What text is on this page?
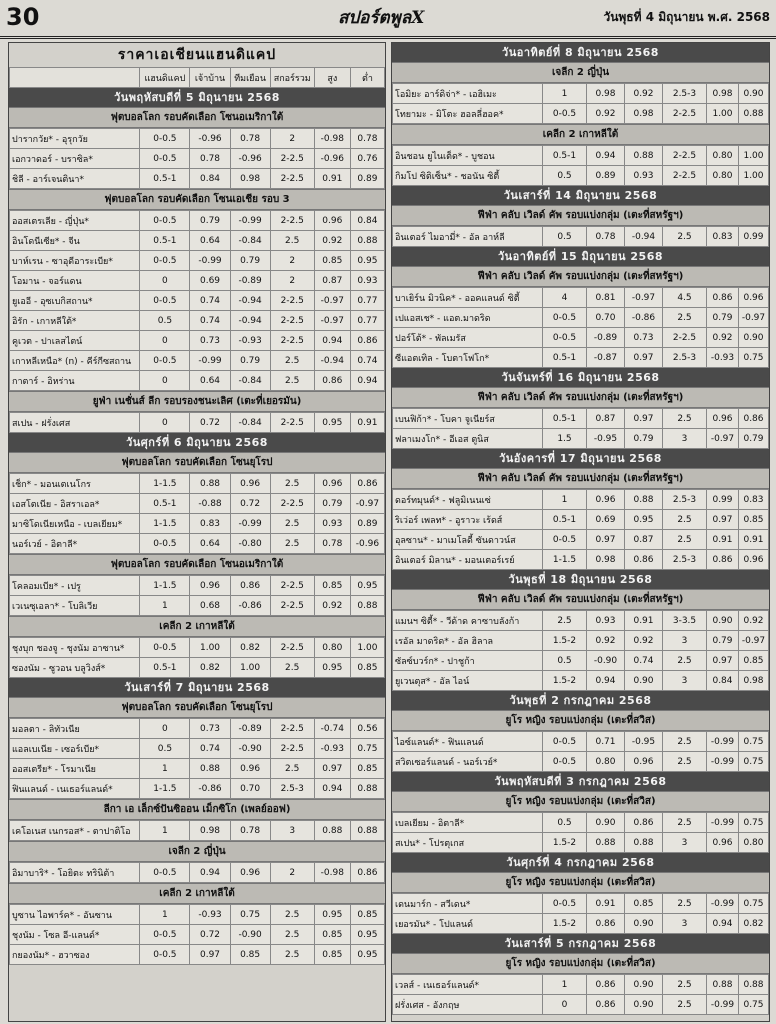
30	สปอร์ตพูลX	วันพุธที่ 4 มิถุนายน พ.ศ. 2568
ราคาเอเชียนแฮนดิแคป
	แฮนดิแคป	เจ้าบ้าน	ทีมเยือน	สกอร์รวม	สูง	ต่ำ
วันพฤหัสบดีที่ 5 มิถุนายน 2568
ฟุตบอลโลก รอบคัดเลือก โซนอเมริกาใต้
ปารากวัย* - อุรุกวัย	0-0.5	-0.96	0.78	2	-0.98	0.78
เอกวาดอร์ - บราซิล*	0-0.5	0.78	-0.96	2-2.5	-0.96	0.76
ชิลี - อาร์เจนตินา*	0.5-1	0.84	0.98	2-2.5	0.91	0.89
ฟุตบอลโลก รอบคัดเลือก โซนเอเชีย รอบ 3
ออสเตรเลีย - ญี่ปุ่น*	0-0.5	0.79	-0.99	2-2.5	0.96	0.84
อินโดนีเซีย* - จีน	0.5-1	0.64	-0.84	2.5	0.92	0.88
บาห์เรน - ซาอุดีอาระเบีย*	0-0.5	-0.99	0.79	2	0.85	0.95
โอมาน - จอร์แดน	0	0.69	-0.89	2	0.87	0.93
ยูเออี - อุซเบกิสถาน*	0-0.5	0.74	-0.94	2-2.5	-0.97	0.77
อิรัก - เกาหลีใต้*	0.5	0.74	-0.94	2-2.5	-0.97	0.77
คูเวต - ปาเลสไตน์	0	0.73	-0.93	2-2.5	0.94	0.86
เกาหลีเหนือ* (n) - คีร์กีซสถาน	0-0.5	-0.99	0.79	2.5	-0.94	0.74
กาตาร์ - อิหร่าน	0	0.64	-0.84	2.5	0.86	0.94
ยูฟ่า เนชั่นส์ ลีก รอบรองชนะเลิศ (เตะที่เยอรมัน)
สเปน - ฝรั่งเศส	0	0.72	-0.84	2-2.5	0.95	0.91
วันศุกร์ที่ 6 มิถุนายน 2568
ฟุตบอลโลก รอบคัดเลือก โซนยุโรป
เช็ก* - มอนเตเนโกร	1-1.5	0.88	0.96	2.5	0.96	0.86
เอสโตเนีย - อิสราเอล*	0.5-1	-0.88	0.72	2-2.5	0.79	-0.97
มาซิโดเนียเหนือ - เบลเยียม*	1-1.5	0.83	-0.99	2.5	0.93	0.89
นอร์เวย์ - อิตาลี*	0-0.5	0.64	-0.80	2.5	0.78	-0.96
ฟุตบอลโลก รอบคัดเลือก โซนอเมริกาใต้
โคลอมเบีย* - เปรู	1-1.5	0.96	0.86	2-2.5	0.85	0.95
เวเนซุเอลา* - โบลิเวีย	1	0.68	-0.86	2-2.5	0.92	0.88
เคลีก 2 เกาหลีใต้
ชุงบุก ชองจู - ชุงนัม อาซาน*	0-0.5	1.00	0.82	2-2.5	0.80	1.00
ซองนัม - ซูวอน บลูวิงส์*	0.5-1	0.82	1.00	2.5	0.95	0.85
วันเสาร์ที่ 7 มิถุนายน 2568
ฟุตบอลโลก รอบคัดเลือก โซนยุโรป
มอลตา - ลิทัวเนีย	0	0.73	-0.89	2-2.5	-0.74	0.56
แอลเบเนีย - เซอร์เบีย*	0.5	0.74	-0.90	2-2.5	-0.93	0.75
ออสเตรีย* - โรมาเนีย	1	0.88	0.96	2.5	0.97	0.85
ฟินแลนด์ - เนเธอร์แลนด์*	1-1.5	-0.86	0.70	2.5-3	0.94	0.88
ลีกา เอ เล็กซ์ปันซิออน เม็กซิโก (เพลย์ออฟ)
เคโอเนส เนกรอส* - ตาปาติโอ	1	0.98	0.78	3	0.88	0.88
เจลีก 2 ญี่ปุ่น
อิมาบาริ* - โอยิตะ ทรินิต้า	0-0.5	0.94	0.96	2	-0.98	0.86
เคลีก 2 เกาหลีใต้
บูซาน ไอพาร์ค* - อันซาน	1	-0.93	0.75	2.5	0.95	0.85
ชุงนัม - โซล อี-แลนด์*	0-0.5	0.72	-0.90	2.5	0.85	0.95
กยองนัม* - ฮวาซอง	0-0.5	0.97	0.85	2.5	0.85	0.95
วันอาทิตย์ที่ 8 มิถุนายน 2568
เจลีก 2 ญี่ปุ่น
โอมิยะ อาร์ดิจ่า* - เอฮิเมะ	1	0.98	0.92	2.5-3	0.98	0.90
โทยามะ - มิโตะ ฮอลลี่ฮอค*	0-0.5	0.92	0.98	2-2.5	1.00	0.88
เคลีก 2 เกาหลีใต้
อินชอน ยูไนเต็ด* - บูชอน	0.5-1	0.94	0.88	2-2.5	0.80	1.00
กิมโป ซิติเซ็น* - ชอนัน ซิตี้	0.5	0.89	0.93	2-2.5	0.80	1.00
วันเสาร์ที่ 14 มิถุนายน 2568
ฟีฟ่า คลับ เวิลด์ คัพ รอบแบ่งกลุ่ม (เตะที่สหรัฐฯ)
อินเตอร์ ไมอามี่* - อัล อาห์ลี	0.5	0.78	-0.94	2.5	0.83	0.99
วันอาทิตย์ที่ 15 มิถุนายน 2568
ฟีฟ่า คลับ เวิลด์ คัพ รอบแบ่งกลุ่ม (เตะที่สหรัฐฯ)
บาเยิร์น มิวนิค* - ออคแลนด์ ซิตี้	4	0.81	-0.97	4.5	0.86	0.96
เปแอสเช* - แอต.มาดริด	0-0.5	0.70	-0.86	2.5	0.79	-0.97
ปอร์โต้* - พัลเมรัส	0-0.5	-0.89	0.73	2-2.5	0.92	0.90
ซีแอตเทิล - โบตาโฟโก*	0.5-1	-0.87	0.97	2.5-3	-0.93	0.75
วันจันทร์ที่ 16 มิถุนายน 2568
ฟีฟ่า คลับ เวิลด์ คัพ รอบแบ่งกลุ่ม (เตะที่สหรัฐฯ)
เบนฟิก้า* - โบคา จูเนียร์ส	0.5-1	0.87	0.97	2.5	0.96	0.86
ฟลาเมงโก* - อีเอส ตูนิส	1.5	-0.95	0.79	3	-0.97	0.79
วันอังคารที่ 17 มิถุนายน 2568
ฟีฟ่า คลับ เวิลด์ คัพ รอบแบ่งกลุ่ม (เตะที่สหรัฐฯ)
ดอร์ทมุนด์* - ฟลูมิเนนเซ่	1	0.96	0.88	2.5-3	0.99	0.83
ริเว่อร์ เพลท* - อูราวะ เร้ดส์	0.5-1	0.69	0.95	2.5	0.97	0.85
อุลซาน* - มาเมโลดี้ ซันดาวน์ส	0-0.5	0.97	0.87	2.5	0.91	0.91
อินเตอร์ มิลาน* - มอนเตอร์เรย์	1-1.5	0.98	0.86	2.5-3	0.86	0.96
วันพุธที่ 18 มิถุนายน 2568
ฟีฟ่า คลับ เวิลด์ คัพ รอบแบ่งกลุ่ม (เตะที่สหรัฐฯ)
แมนฯ ซิตี้* - วีด้าด คาซาบลังก้า	2.5	0.93	0.91	3-3.5	0.90	0.92
เรอัล มาดริด* - อัล ฮิลาล	1.5-2	0.92	0.92	3	0.79	-0.97
ซัลซ์บวร์ก* - ปาชูก้า	0.5	-0.90	0.74	2.5	0.97	0.85
ยูเวนตุส* - อัล ไอน์	1.5-2	0.94	0.90	3	0.84	0.98
วันพุธที่ 2 กรกฎาคม 2568
ยูโร หญิง รอบแบ่งกลุ่ม (เตะที่สวิส)
ไอซ์แลนด์* - ฟินแลนด์	0-0.5	0.71	-0.95	2.5	-0.99	0.75
สวิตเซอร์แลนด์ - นอร์เวย์*	0-0.5	0.80	0.96	2.5	-0.99	0.75
วันพฤหัสบดีที่ 3 กรกฎาคม 2568
ยูโร หญิง รอบแบ่งกลุ่ม (เตะที่สวิส)
เบลเยียม - อิตาลี*	0.5	0.90	0.86	2.5	-0.99	0.75
สเปน* - โปรตุเกส	1.5-2	0.88	0.88	3	0.96	0.80
วันศุกร์ที่ 4 กรกฎาคม 2568
ยูโร หญิง รอบแบ่งกลุ่ม (เตะที่สวิส)
เดนมาร์ก - สวีเดน*	0-0.5	0.91	0.85	2.5	-0.99	0.75
เยอรมัน* - โปแลนด์	1.5-2	0.86	0.90	3	0.94	0.82
วันเสาร์ที่ 5 กรกฎาคม 2568
ยูโร หญิง รอบแบ่งกลุ่ม (เตะที่สวิส)
เวลส์ - เนเธอร์แลนด์*	1	0.86	0.90	2.5	0.88	0.88
ฝรั่งเศส - อังกฤษ	0	0.86	0.90	2.5	-0.99	0.75
